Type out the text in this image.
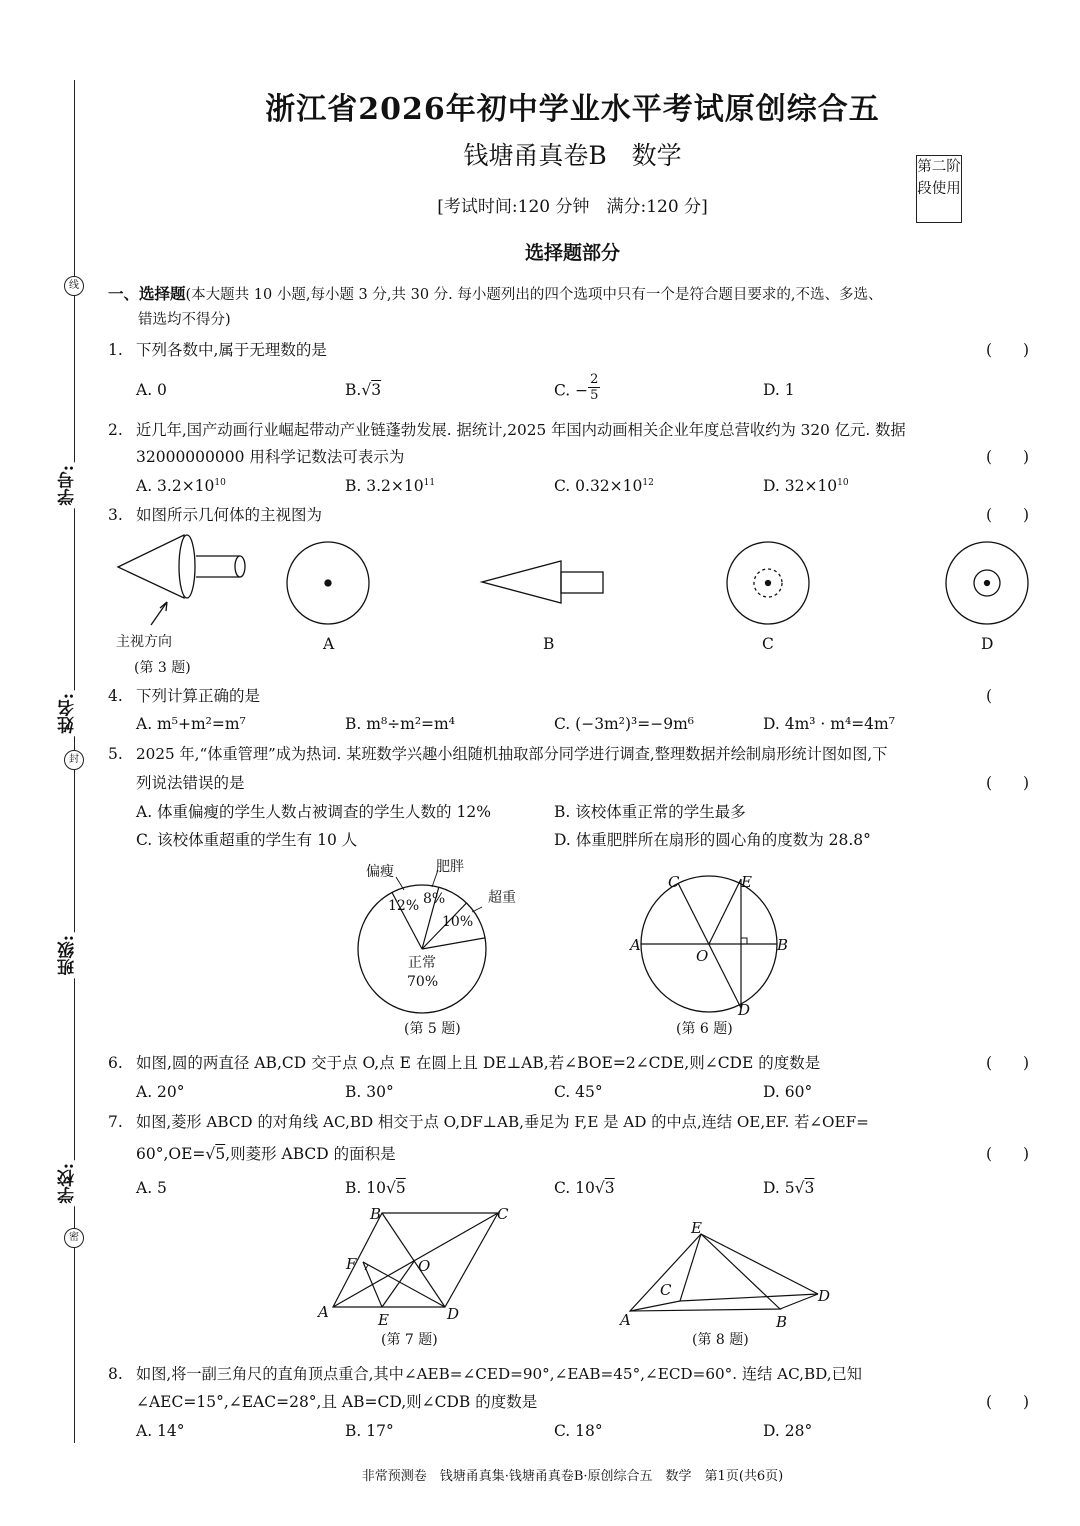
线
学号:
姓名:
封
班级:
学校:
密
浙江省2026年初中学业水平考试原创综合五
钱塘甬真卷B　数学
[考试时间:120 分钟　满分:120 分]
第二阶段使用
选择题部分
一、选择题(本大题共 10 小题,每小题 3 分,共 30 分. 每小题列出的四个选项中只有一个是符合题目要求的,不选、多选、
错选均不得分)
1. 下列各数中,属于无理数的是	(　　)
A. 0	B.√3	C. − $\frac{2}{5}$	D. 1
2. 近几年,国产动画行业崛起带动产业链蓬勃发展. 据统计,2025 年国内动画相关企业年度总营收约为 320 亿元. 数据
32000000000 用科学记数法可表示为	(　　)
A. $3.2\times 10^{10}$	B. $3.2\times 10^{11}$	C. $0.32\times 10^{12}$	D. $32\times 10^{10}$
3. 如图所示几何体的主视图为	(　　)
主视方向	A	B	C	D
(第 3 题)
4. 下列计算正确的是	(
A. m⁵+m²=m⁷	B. m⁸÷m²=m⁴	C. (−3m²)³=−9m⁶	D. 4m³ · m⁴=4m⁷
5. 2025 年,“体重管理”成为热词. 某班数学兴趣小组随机抽取部分同学进行调查,整理数据并绘制扇形统计图如图,下
列说法错误的是	(　　)
A. 体重偏瘦的学生人数占被调查的学生人数的 12%	B. 该校体重正常的学生最多
C. 该校体重超重的学生有 10 人	D. 体重肥胖所在扇形的圆心角的度数为 28.8°
偏瘦	肥胖
超重
12% 8%
10%
正常
70%
(第 5 题)
C	E
A	B
O
D
(第 6 题)
6. 如图,圆的两直径 AB,CD 交于点 O,点 E 在圆上且 DE⊥AB,若∠BOE=2∠CDE,则∠CDE 的度数是	(　　)
A. 20°	B. 30°	C. 45°	D. 60°
7. 如图,菱形 ABCD 的对角线 AC,BD 相交于点 O,DF⊥AB,垂足为 F,E 是 AD 的中点,连结 OE,EF. 若∠OEF=
60°,OE=√5,则菱形 ABCD 的面积是	(　　)
A. 5	B. 10√5	C. 10√3	D. 5√3
B	C
F	O
A	E	D
(第 7 题)
E
C	D
A	B
(第 8 题)
8. 如图,将一副三角尺的直角顶点重合,其中∠AEB=∠CED=90°,∠EAB=45°,∠ECD=60°. 连结 AC,BD,已知
∠AEC=15°,∠EAC=28°,且 AB=CD,则∠CDB 的度数是	(　　)
A. 14°	B. 17°	C. 18°	D. 28°
非常预测卷　钱塘甬真集·钱塘甬真卷B·原创综合五　数学　第1页(共6页)
